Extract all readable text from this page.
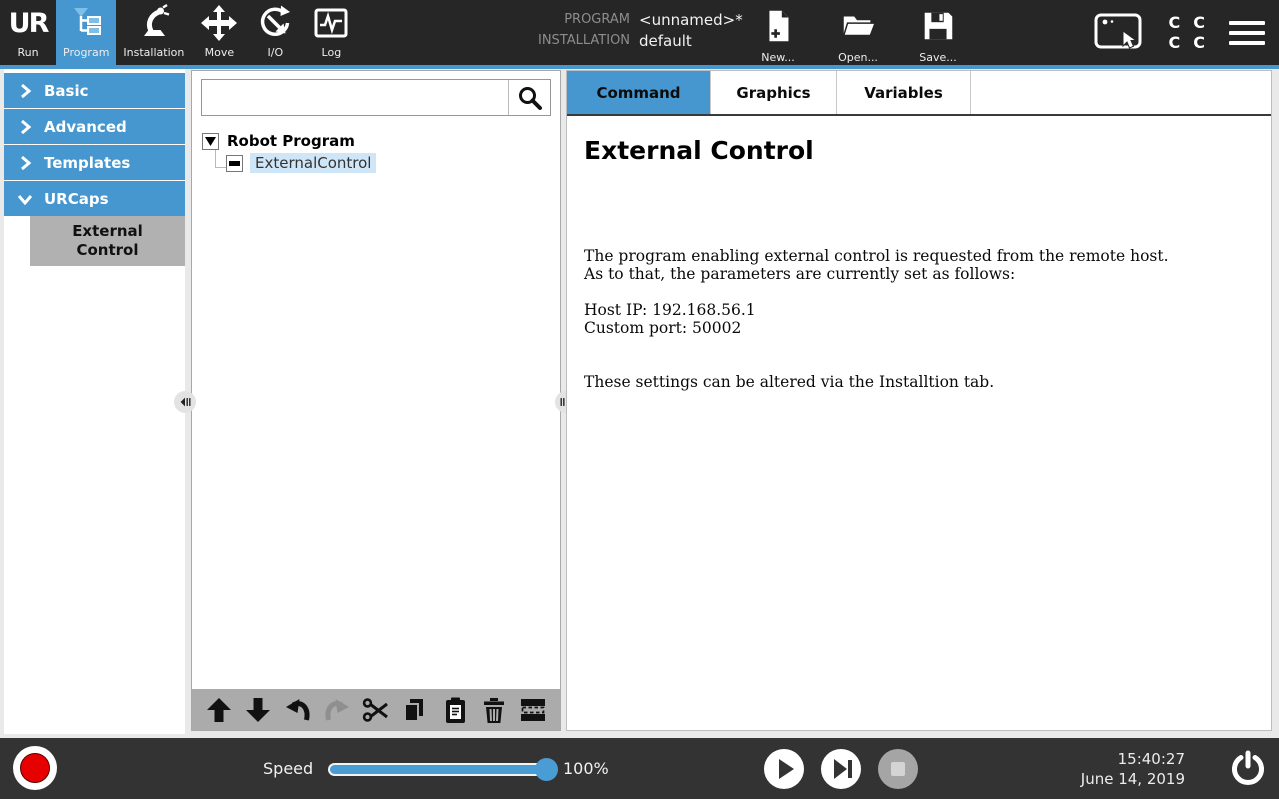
UR
Run Program Installation Move	I/O	Log
PROGRAM <unnamed>*
INSTALLATION default
New...	Open...	Save...
C C
C C
Basic
Advanced
Templates
URCaps
External Control
Robot Program
ExternalControl
Command	Graphics	Variables
External Control
The program enabling external control is requested from the remote host.
As to that, the parameters are currently set as follows:
Host IP: 192.168.56.1
Custom port: 50002
These settings can be altered via the Installtion tab.
Speed	100%	15:40:27
June 14, 2019
